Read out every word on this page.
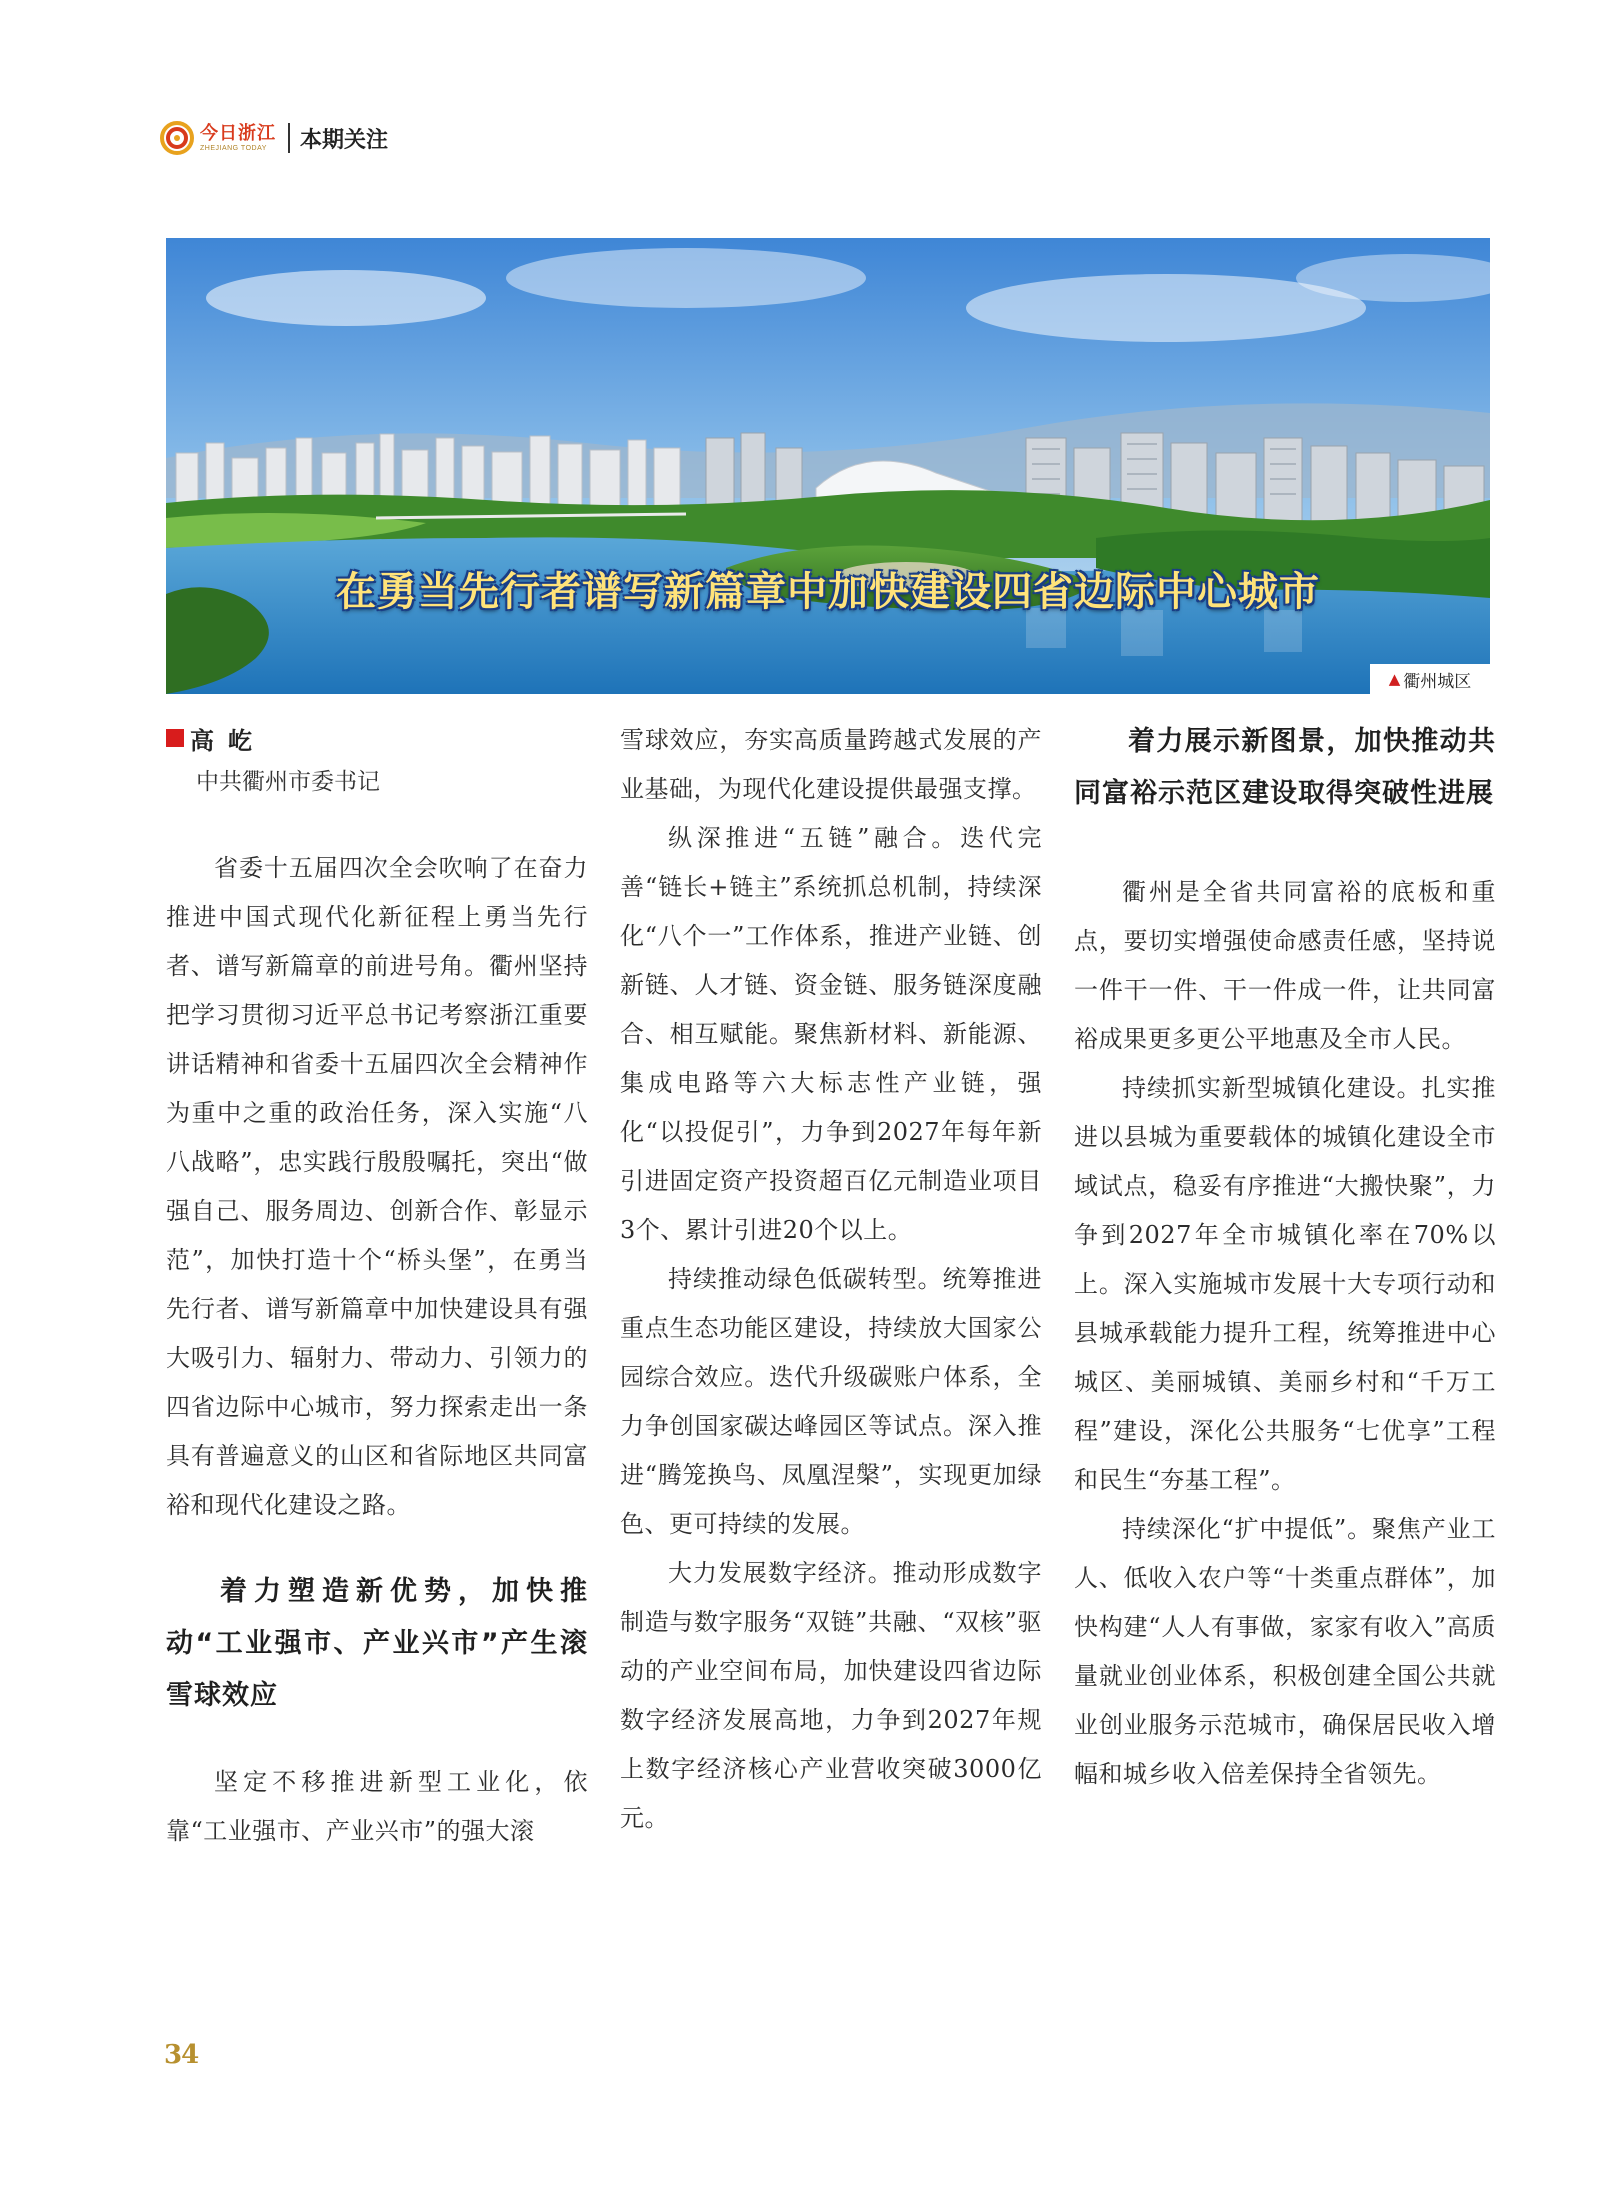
今日浙江
ZHEJIANG TODAY	本期关注
在勇当先行者谱写新篇章中加快建设四省边际中心城市
▲ 衢州城区
高屹
中共衢州市委书记

省委十五届四次全会吹响了在奋力推进中国式现代化新征程上勇当先行者、谱写新篇章的前进号角。衢州坚持把学习贯彻习近平总书记考察浙江重要讲话精神和省委十五届四次全会精神作为重中之重的政治任务，深入实施“八八战略”，忠实践行殷殷嘱托，突出“做强自己、服务周边、创新合作、彰显示范”，加快打造十个“桥头堡”，在勇当先行者、谱写新篇章中加快建设具有强大吸引力、辐射力、带动力、引领力的四省边际中心城市，努力探索走出一条具有普遍意义的山区和省际地区共同富裕和现代化建设之路。

着力塑造新优势，加快推动“工业强市、产业兴市”产生滚雪球效应

坚定不移推进新型工业化，依靠“工业强市、产业兴市”的强大滚

雪球效应，夯实高质量跨越式发展的产业基础，为现代化建设提供最强支撑。

纵深推进“五链”融合。迭代完善“链长+链主”系统抓总机制，持续深化“八个一”工作体系，推进产业链、创新链、人才链、资金链、服务链深度融合、相互赋能。聚焦新材料、新能源、集成电路等六大标志性产业链，强化“以投促引”，力争到2027年每年新引进固定资产投资超百亿元制造业项目3个、累计引进20个以上。

持续推动绿色低碳转型。统筹推进重点生态功能区建设，持续放大国家公园综合效应。迭代升级碳账户体系，全力争创国家碳达峰园区等试点。深入推进“腾笼换鸟、凤凰涅槃”，实现更加绿色、更可持续的发展。

大力发展数字经济。推动形成数字制造与数字服务“双链”共融、“双核”驱动的产业空间布局，加快建设四省边际数字经济发展高地，力争到2027年规上数字经济核心产业营收突破3000亿元。

着力展示新图景，加快推动共同富裕示范区建设取得突破性进展

衢州是全省共同富裕的底板和重点，要切实增强使命感责任感，坚持说一件干一件、干一件成一件，让共同富裕成果更多更公平地惠及全市人民。

持续抓实新型城镇化建设。扎实推进以县城为重要载体的城镇化建设全市域试点，稳妥有序推进“大搬快聚”，力争到2027年全市城镇化率在70%以上。深入实施城市发展十大专项行动和县城承载能力提升工程，统筹推进中心城区、美丽城镇、美丽乡村和“千万工程”建设，深化公共服务“七优享”工程和民生“夯基工程”。

持续深化“扩中提低”。聚焦产业工人、低收入农户等“十类重点群体”，加快构建“人人有事做，家家有收入”高质量就业创业体系，积极创建全国公共就业创业服务示范城市，确保居民收入增幅和城乡收入倍差保持全省领先。

34
